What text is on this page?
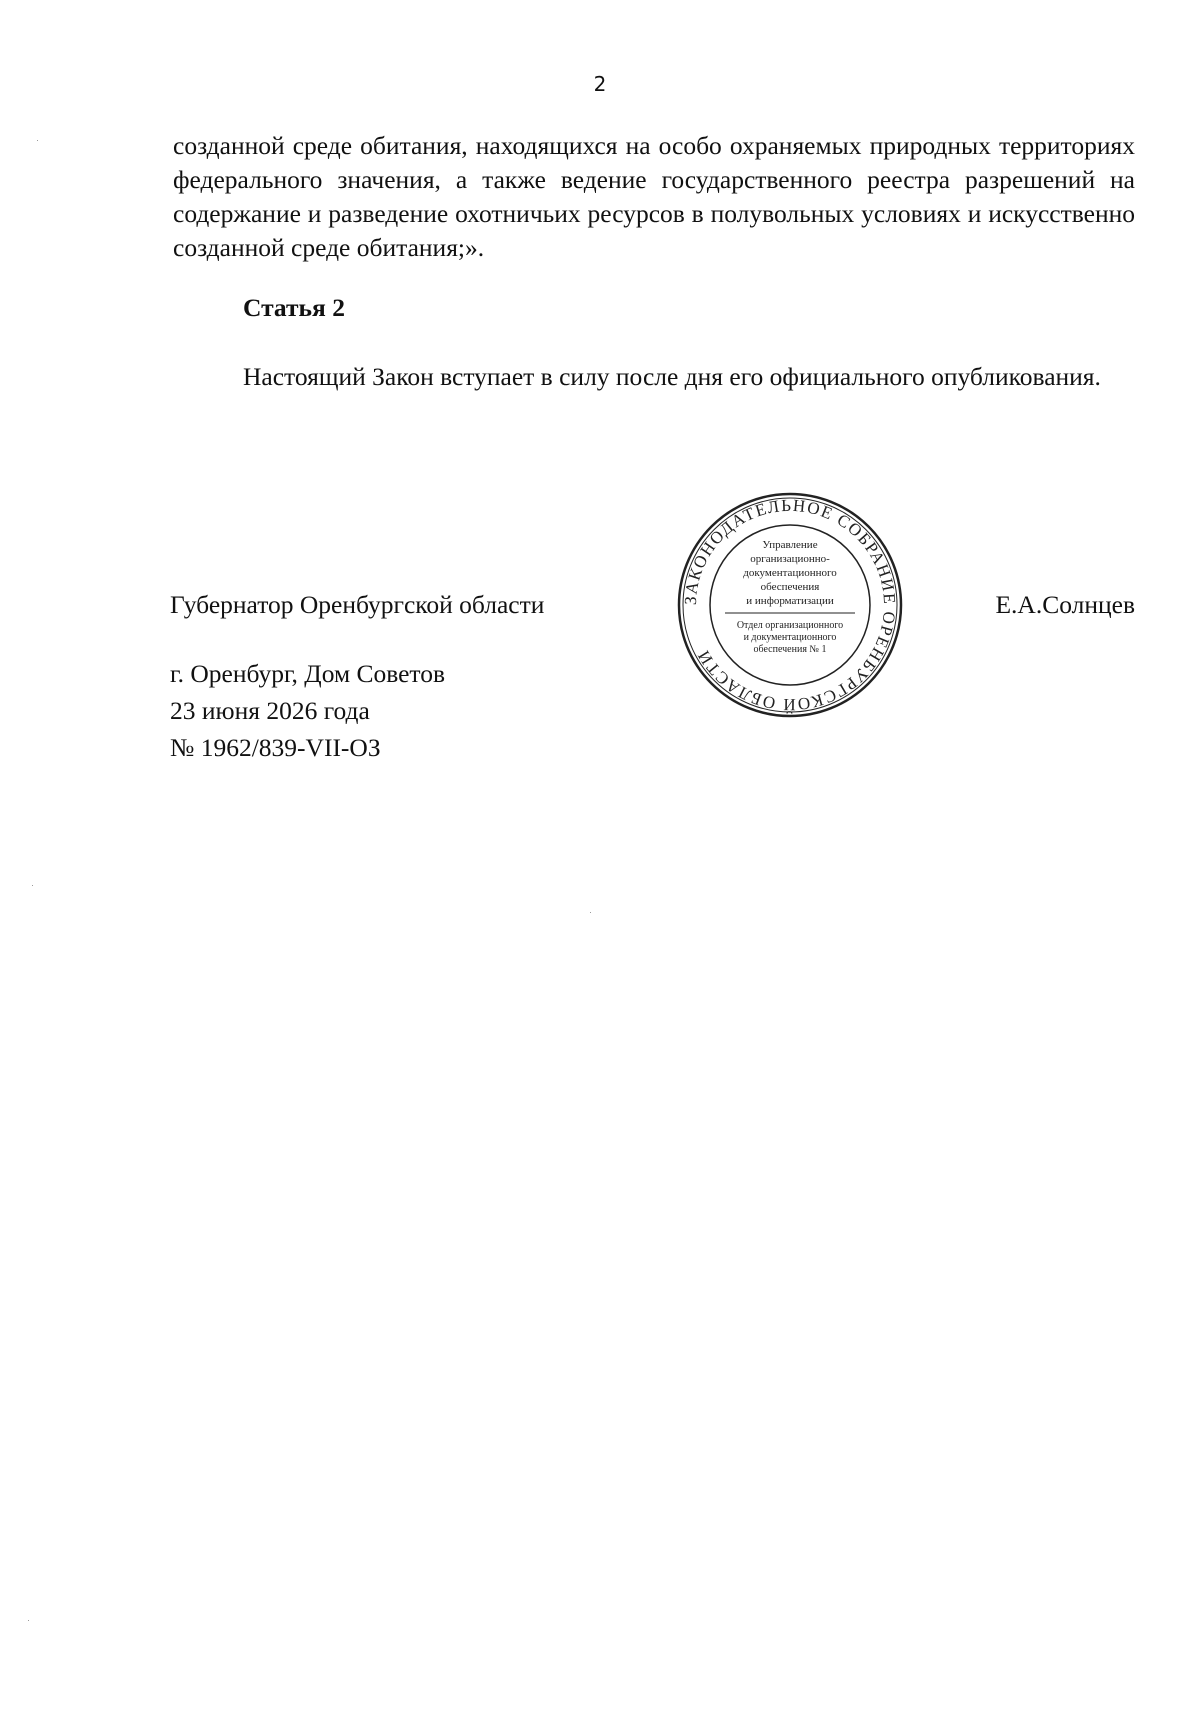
2
созданной среде обитания, находящихся на особо охраняемых природных территориях федерального значения, а также ведение государственного реестра разрешений на содержание и разведение охотничьих ресурсов в полувольных условиях и искусственно созданной среде обитания;».
Статья 2
Настоящий Закон вступает в силу после дня его официального опубликования.
Губернатор Оренбургской области	Е.А.Солнцев
г. Оренбург, Дом Советов
23 июня 2026 года
№ 1962/839-VII-ОЗ
ЗАКОНОДАТЕЛЬНОЕ СОБРАНИЕ ОРЕНБУРГСКОЙ ОБЛАСТИ
Управление
организационно-
документационного
обеспечения
и информатизации
Отдел организационного
и документационного
обеспечения № 1
